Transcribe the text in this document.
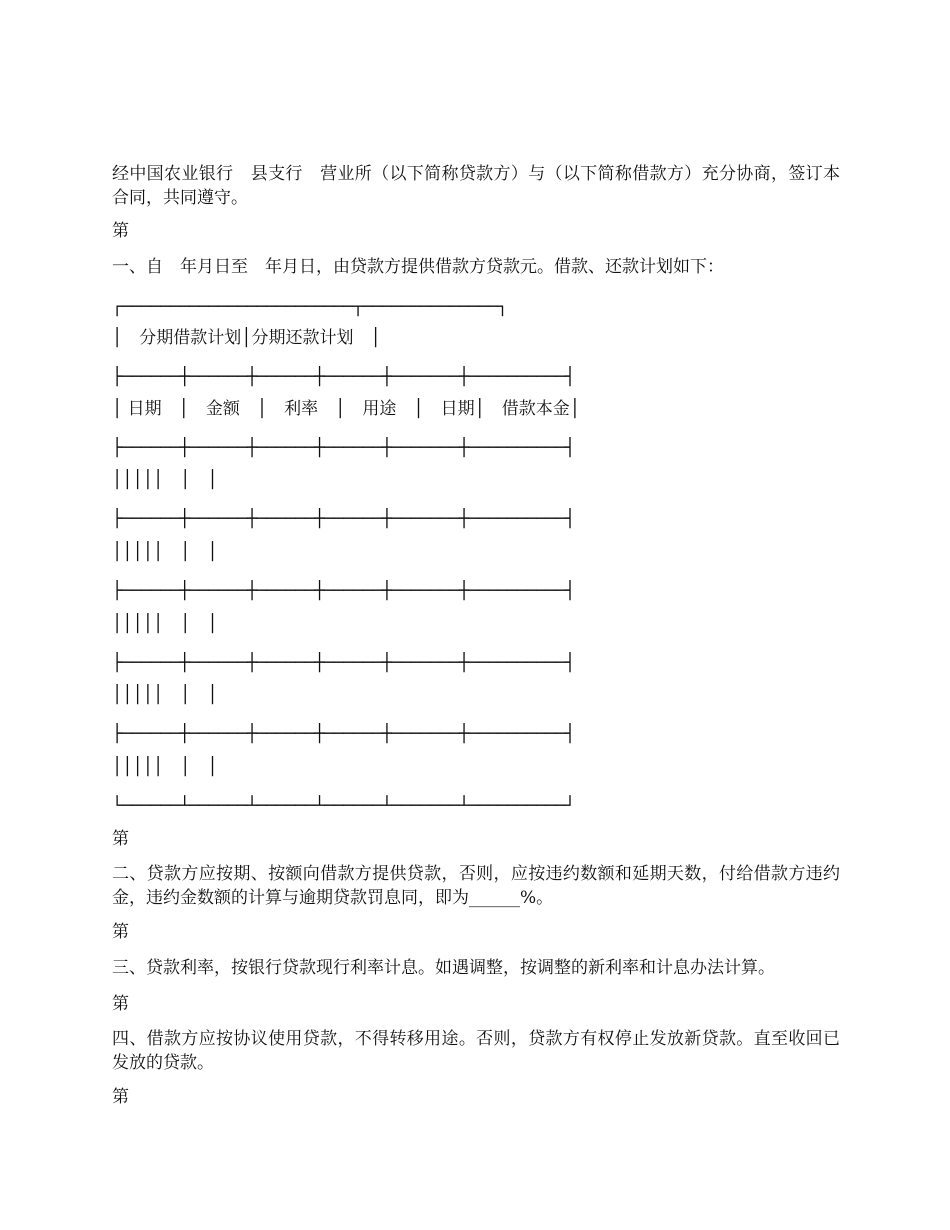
经中国农业银行　县支行　营业所（以下简称贷款方）与（以下简称借款方）充分协商，签订本合同，共同遵守。

第

一、自　年月日至　年月日，由贷款方提供借款方贷款元。借款、还款计划如下：

┌────────────────────────┬──────────────┐

│　分期借款计划│分期还款计划　│

├──────┼──────┼──────┼──────┼───────┼──────────┤

│ 日期　│　金额　│　利率　│　用途　│　日期│　借款本金│

├──────┼──────┼──────┼──────┼───────┼──────────┤

│││││　│　│

├──────┼──────┼──────┼──────┼───────┼──────────┤

│││││　│　│

├──────┼──────┼──────┼──────┼───────┼──────────┤

│││││　│　│

├──────┼──────┼──────┼──────┼───────┼──────────┤

│││││　│　│

├──────┼──────┼──────┼──────┼───────┼──────────┤

│││││　│　│

└──────┴──────┴──────┴──────┴───────┴──────────┘

第

二、贷款方应按期、按额向借款方提供贷款，否则，应按违约数额和延期天数，付给借款方违约金，违约金数额的计算与逾期贷款罚息同，即为______%。

第

三、贷款利率，按银行贷款现行利率计息。如遇调整，按调整的新利率和计息办法计算。

第

四、借款方应按协议使用贷款，不得转移用途。否则，贷款方有权停止发放新贷款。直至收回已发放的贷款。

第
